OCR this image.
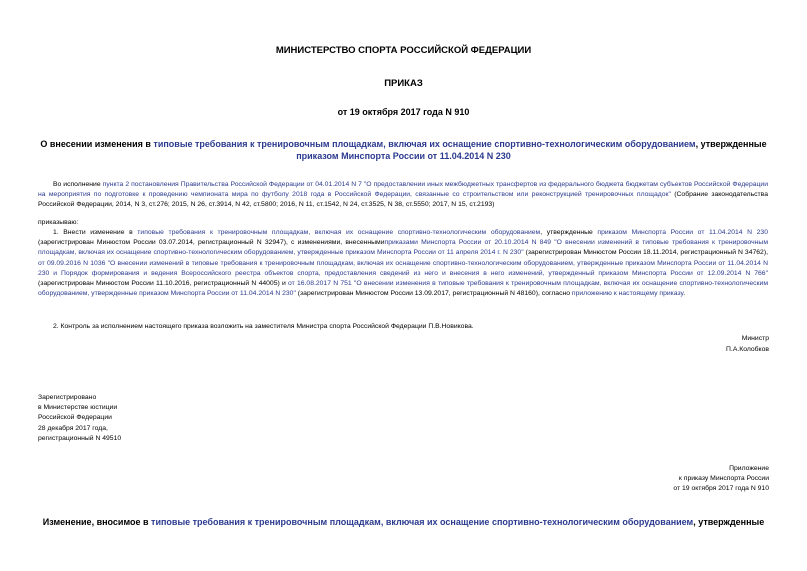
МИНИСТЕРСТВО СПОРТА РОССИЙСКОЙ ФЕДЕРАЦИИ
ПРИКАЗ
от 19 октября 2017 года N 910
О внесении изменения в типовые требования к тренировочным площадкам, включая их оснащение спортивно-технологическим оборудованием, утвержденные
приказом Минспорта России от 11.04.2014 N 230
Во исполнение пункта 2 постановления Правительства Российской Федерации от 04.01.2014 N 7 "О предоставлении иных межбюджетных трансфертов из федерального бюджета бюджетам субъектов Российской Федерации на мероприятия по подготовке к проведению чемпионата мира по футболу 2018 года в Российской Федерации, связанные со строительством или реконструкцией тренировочных площадок" (Собрание законодательства Российской Федерации, 2014, N 3, ст.276; 2015, N 26, ст.3914, N 42, ст.5800; 2016, N 11, ст.1542, N 24, ст.3525, N 38, ст.5550; 2017, N 15, ст.2193)
приказываю:
1. Внести изменение в типовые требования к тренировочным площадкам, включая их оснащение спортивно-технологическим оборудованием, утвержденные приказом Минспорта России от 11.04.2014 N 230 (зарегистрирован Минюстом России 03.07.2014, регистрационный N 32947), с изменениями, внесеннымиприказами Минспорта России от 20.10.2014 N 849 "О внесении изменений в типовые требования к тренировочным площадкам, включая их оснащение спортивно-технологическим оборудованием, утвержденные приказом Минспорта России от 11 апреля 2014 г. N 230" (зарегистрирован Минюстом России 18.11.2014, регистрационный N 34762), от 09.09.2016 N 1036 "О внесении изменений в типовые требования к тренировочным площадкам, включая их оснащение спортивно-технологическим оборудованием, утвержденные приказом Минспорта России от 11.04.2014 N 230 и Порядок формирования и ведения Всероссийского реестра объектов спорта, предоставления сведений из него и внесения в него изменений, утвержденный приказом Минспорта России от 12.09.2014 N 766" (зарегистрирован Минюстом России 11.10.2016, регистрационный N 44005) и от 16.08.2017 N 751 "О внесении изменения в типовые требования к тренировочным площадкам, включая их оснащение спортивно-технологическим оборудованием, утвержденные приказом Минспорта России от 11.04.2014 N 230" (зарегистрирован Минюстом России 13.09.2017, регистрационный N 48160), согласно приложению к настоящему приказу.
2. Контроль за исполнением настоящего приказа возложить на заместителя Министра спорта Российской Федерации П.В.Новикова.
Министр
П.А.Колобков
Зарегистрировано
в Министерстве юстиции
Российской Федерации
28 декабря 2017 года,
регистрационный N 49510
Приложение
к приказу Минспорта России
от 19 октября 2017 года N 910
Изменение, вносимое в типовые требования к тренировочным площадкам, включая их оснащение спортивно-технологическим оборудованием, утвержденные
